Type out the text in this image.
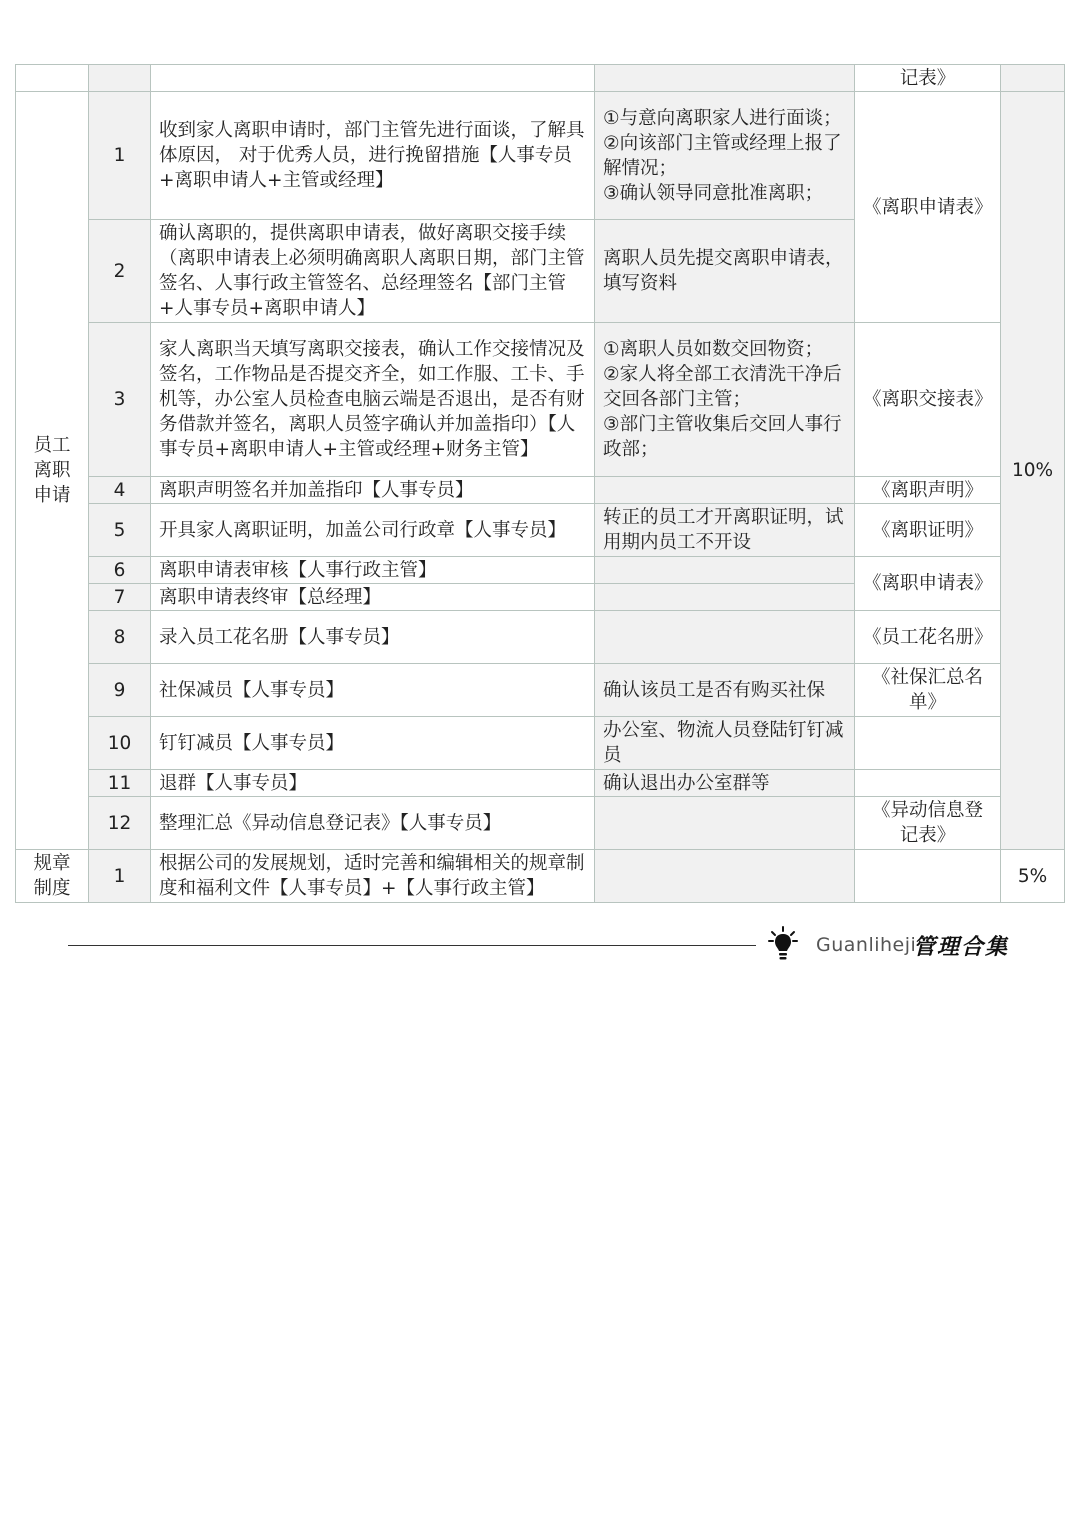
				记表》	
员工离职申请	1	收到家人离职申请时，部门主管先进行面谈，了解具体原因， 对于优秀人员，进行挽留措施【人事专员+离职申请人+主管或经理】	①与意向离职家人进行面谈；
②向该部门主管或经理上报了解情况；
③确认领导同意批准离职；	《离职申请表》	10%
	2	确认离职的，提供离职申请表，做好离职交接手续（离职申请表上必须明确离职人离职日期，部门主管签名、人事行政主管签名、总经理签名【部门主管+人事专员+离职申请人】	离职人员先提交离职申请表，填写资料		
	3	家人离职当天填写离职交接表，确认工作交接情况及签名，工作物品是否提交齐全，如工作服、工卡、手机等，办公室人员检查电脑云端是否退出，是否有财务借款并签名，离职人员签字确认并加盖指印）【人事专员+离职申请人+主管或经理+财务主管】	①离职人员如数交回物资；
②家人将全部工衣清洗干净后交回各部门主管；
③部门主管收集后交回人事行政部；	《离职交接表》	
	4	离职声明签名并加盖指印【人事专员】		《离职声明》	
	5	开具家人离职证明，加盖公司行政章【人事专员】	转正的员工才开离职证明，试用期内员工不开设	《离职证明》	
	6	离职申请表审核【人事行政主管】		《离职申请表》	
	7	离职申请表终审【总经理】			
	8	录入员工花名册【人事专员】		《员工花名册》	
	9	社保减员【人事专员】	确认该员工是否有购买社保	《社保汇总名单》	
	10	钉钉减员【人事专员】	办公室、物流人员登陆钉钉减员		
	11	退群【人事专员】	确认退出办公室群等		
	12	整理汇总《异动信息登记表》【人事专员】		《异动信息登记表》	
规章制度	1	根据公司的发展规划，适时完善和编辑相关的规章制度和福利文件【人事专员】+【人事行政主管】			5%
Guanliheji
管理合集
